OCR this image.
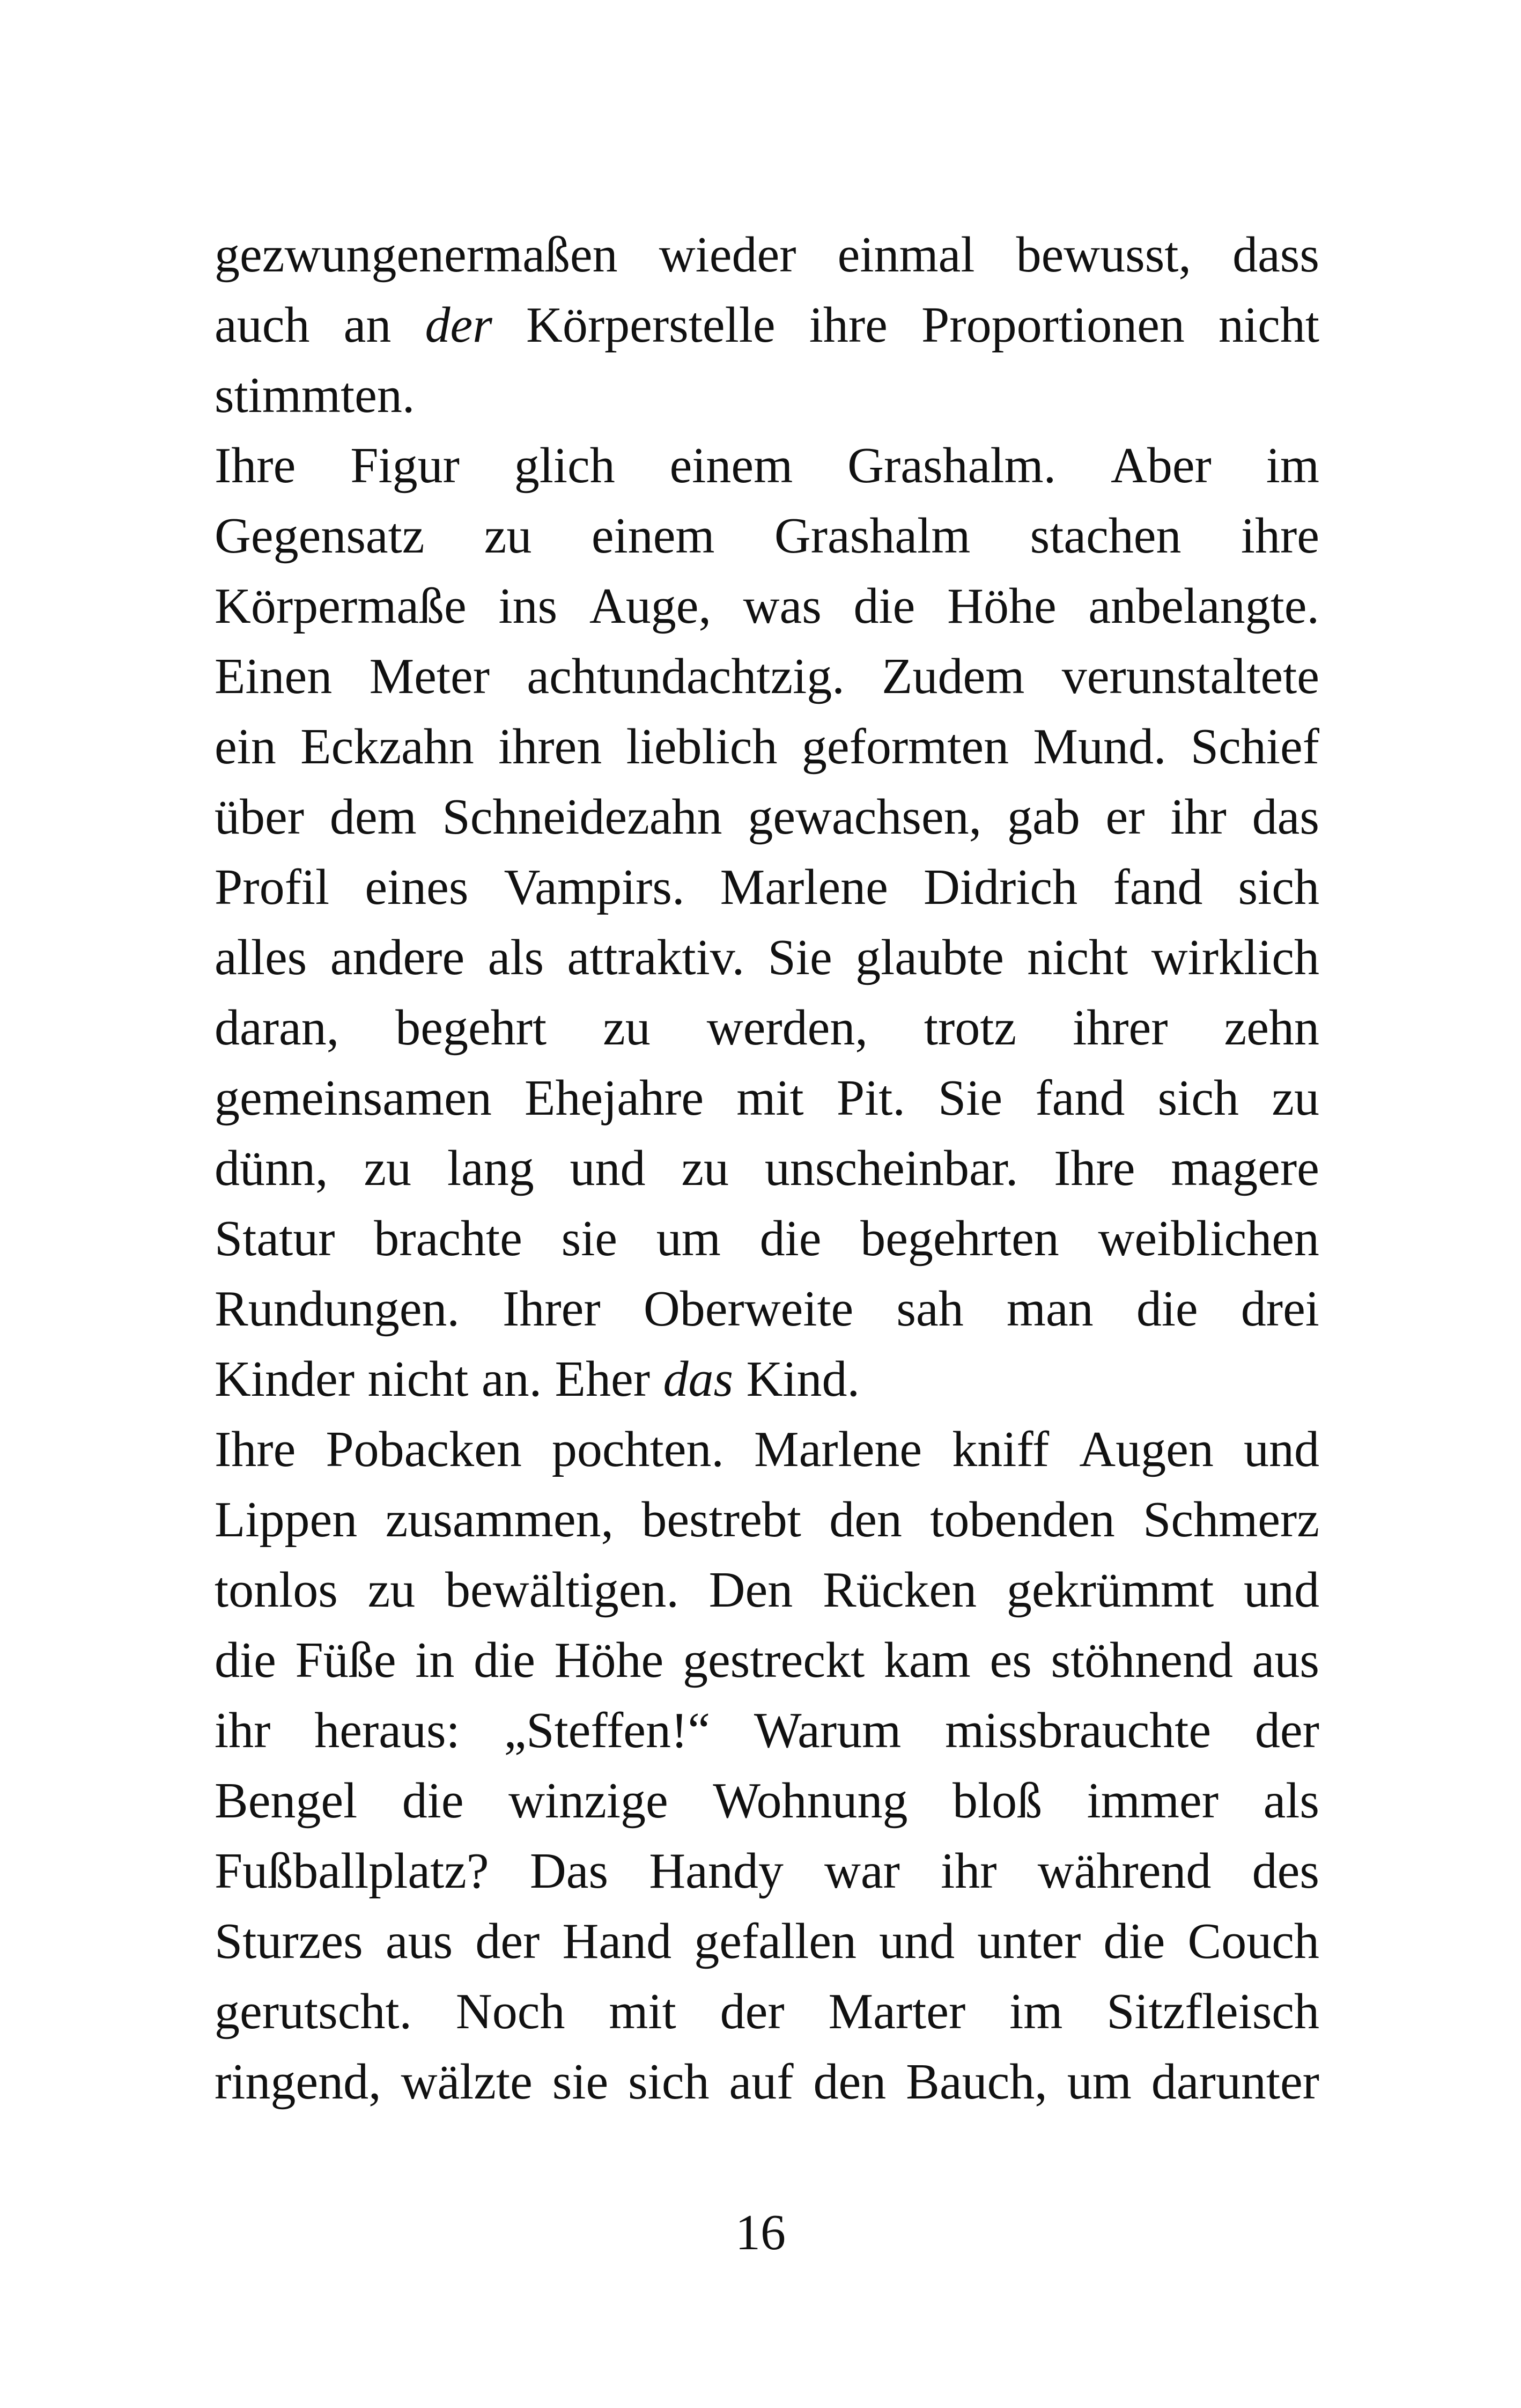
gezwungenermaßen wieder einmal bewusst, dass
auch an der Körperstelle ihre Proportionen nicht
stimmten.
Ihre Figur glich einem Grashalm. Aber im
Gegensatz zu einem Grashalm stachen ihre
Körpermaße ins Auge, was die Höhe anbelangte.
Einen Meter achtundachtzig. Zudem verunstaltete
ein Eckzahn ihren lieblich geformten Mund. Schief
über dem Schneidezahn gewachsen, gab er ihr das
Profil eines Vampirs. Marlene Didrich fand sich
alles andere als attraktiv. Sie glaubte nicht wirklich
daran, begehrt zu werden, trotz ihrer zehn
gemeinsamen Ehejahre mit Pit. Sie fand sich zu
dünn, zu lang und zu unscheinbar. Ihre magere
Statur brachte sie um die begehrten weiblichen
Rundungen. Ihrer Oberweite sah man die drei
Kinder nicht an. Eher das Kind.
Ihre Pobacken pochten. Marlene kniff Augen und
Lippen zusammen, bestrebt den tobenden Schmerz
tonlos zu bewältigen. Den Rücken gekrümmt und
die Füße in die Höhe gestreckt kam es stöhnend aus
ihr heraus: „Steffen!“ Warum missbrauchte der
Bengel die winzige Wohnung bloß immer als
Fußballplatz? Das Handy war ihr während des
Sturzes aus der Hand gefallen und unter die Couch
gerutscht. Noch mit der Marter im Sitzfleisch
ringend, wälzte sie sich auf den Bauch, um darunter
16
